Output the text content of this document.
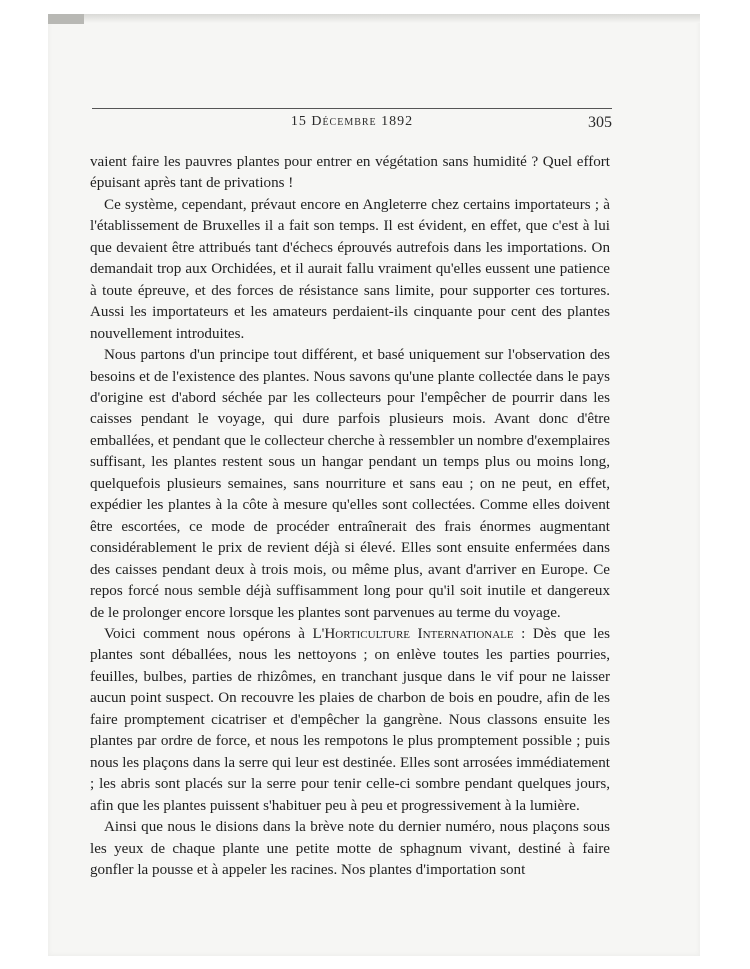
15 Décembre 1892	305

vaient faire les pauvres plantes pour entrer en végétation sans humidité ? Quel effort épuisant après tant de privations !

Ce système, cependant, prévaut encore en Angleterre chez certains importateurs ; à l'établissement de Bruxelles il a fait son temps. Il est évident, en effet, que c'est à lui que devaient être attribués tant d'échecs éprouvés autrefois dans les importations. On demandait trop aux Orchidées, et il aurait fallu vraiment qu'elles eussent une patience à toute épreuve, et des forces de résistance sans limite, pour supporter ces tortures. Aussi les importateurs et les amateurs perdaient-ils cinquante pour cent des plantes nouvellement introduites.

Nous partons d'un principe tout différent, et basé uniquement sur l'observation des besoins et de l'existence des plantes. Nous savons qu'une plante collectée dans le pays d'origine est d'abord séchée par les collecteurs pour l'empêcher de pourrir dans les caisses pendant le voyage, qui dure parfois plusieurs mois. Avant donc d'être emballées, et pendant que le collecteur cherche à ressembler un nombre d'exemplaires suffisant, les plantes restent sous un hangar pendant un temps plus ou moins long, quelquefois plusieurs semaines, sans nourriture et sans eau ; on ne peut, en effet, expédier les plantes à la côte à mesure qu'elles sont collectées. Comme elles doivent être escortées, ce mode de procéder entraînerait des frais énormes augmentant considérablement le prix de revient déjà si élevé. Elles sont ensuite enfermées dans des caisses pendant deux à trois mois, ou même plus, avant d'arriver en Europe. Ce repos forcé nous semble déjà suffisamment long pour qu'il soit inutile et dangereux de le prolonger encore lorsque les plantes sont parvenues au terme du voyage.

Voici comment nous opérons à L'Horticulture Internationale : Dès que les plantes sont déballées, nous les nettoyons ; on enlève toutes les parties pourries, feuilles, bulbes, parties de rhizômes, en tranchant jusque dans le vif pour ne laisser aucun point suspect. On recouvre les plaies de charbon de bois en poudre, afin de les faire promptement cicatriser et d'empêcher la gangrène. Nous classons ensuite les plantes par ordre de force, et nous les rempotons le plus promptement possible ; puis nous les plaçons dans la serre qui leur est destinée. Elles sont arrosées immédiatement ; les abris sont placés sur la serre pour tenir celle-ci sombre pendant quelques jours, afin que les plantes puissent s'habituer peu à peu et progressivement à la lumière.

Ainsi que nous le disions dans la brève note du dernier numéro, nous plaçons sous les yeux de chaque plante une petite motte de sphagnum vivant, destiné à faire gonfler la pousse et à appeler les racines. Nos plantes d'importation sont
